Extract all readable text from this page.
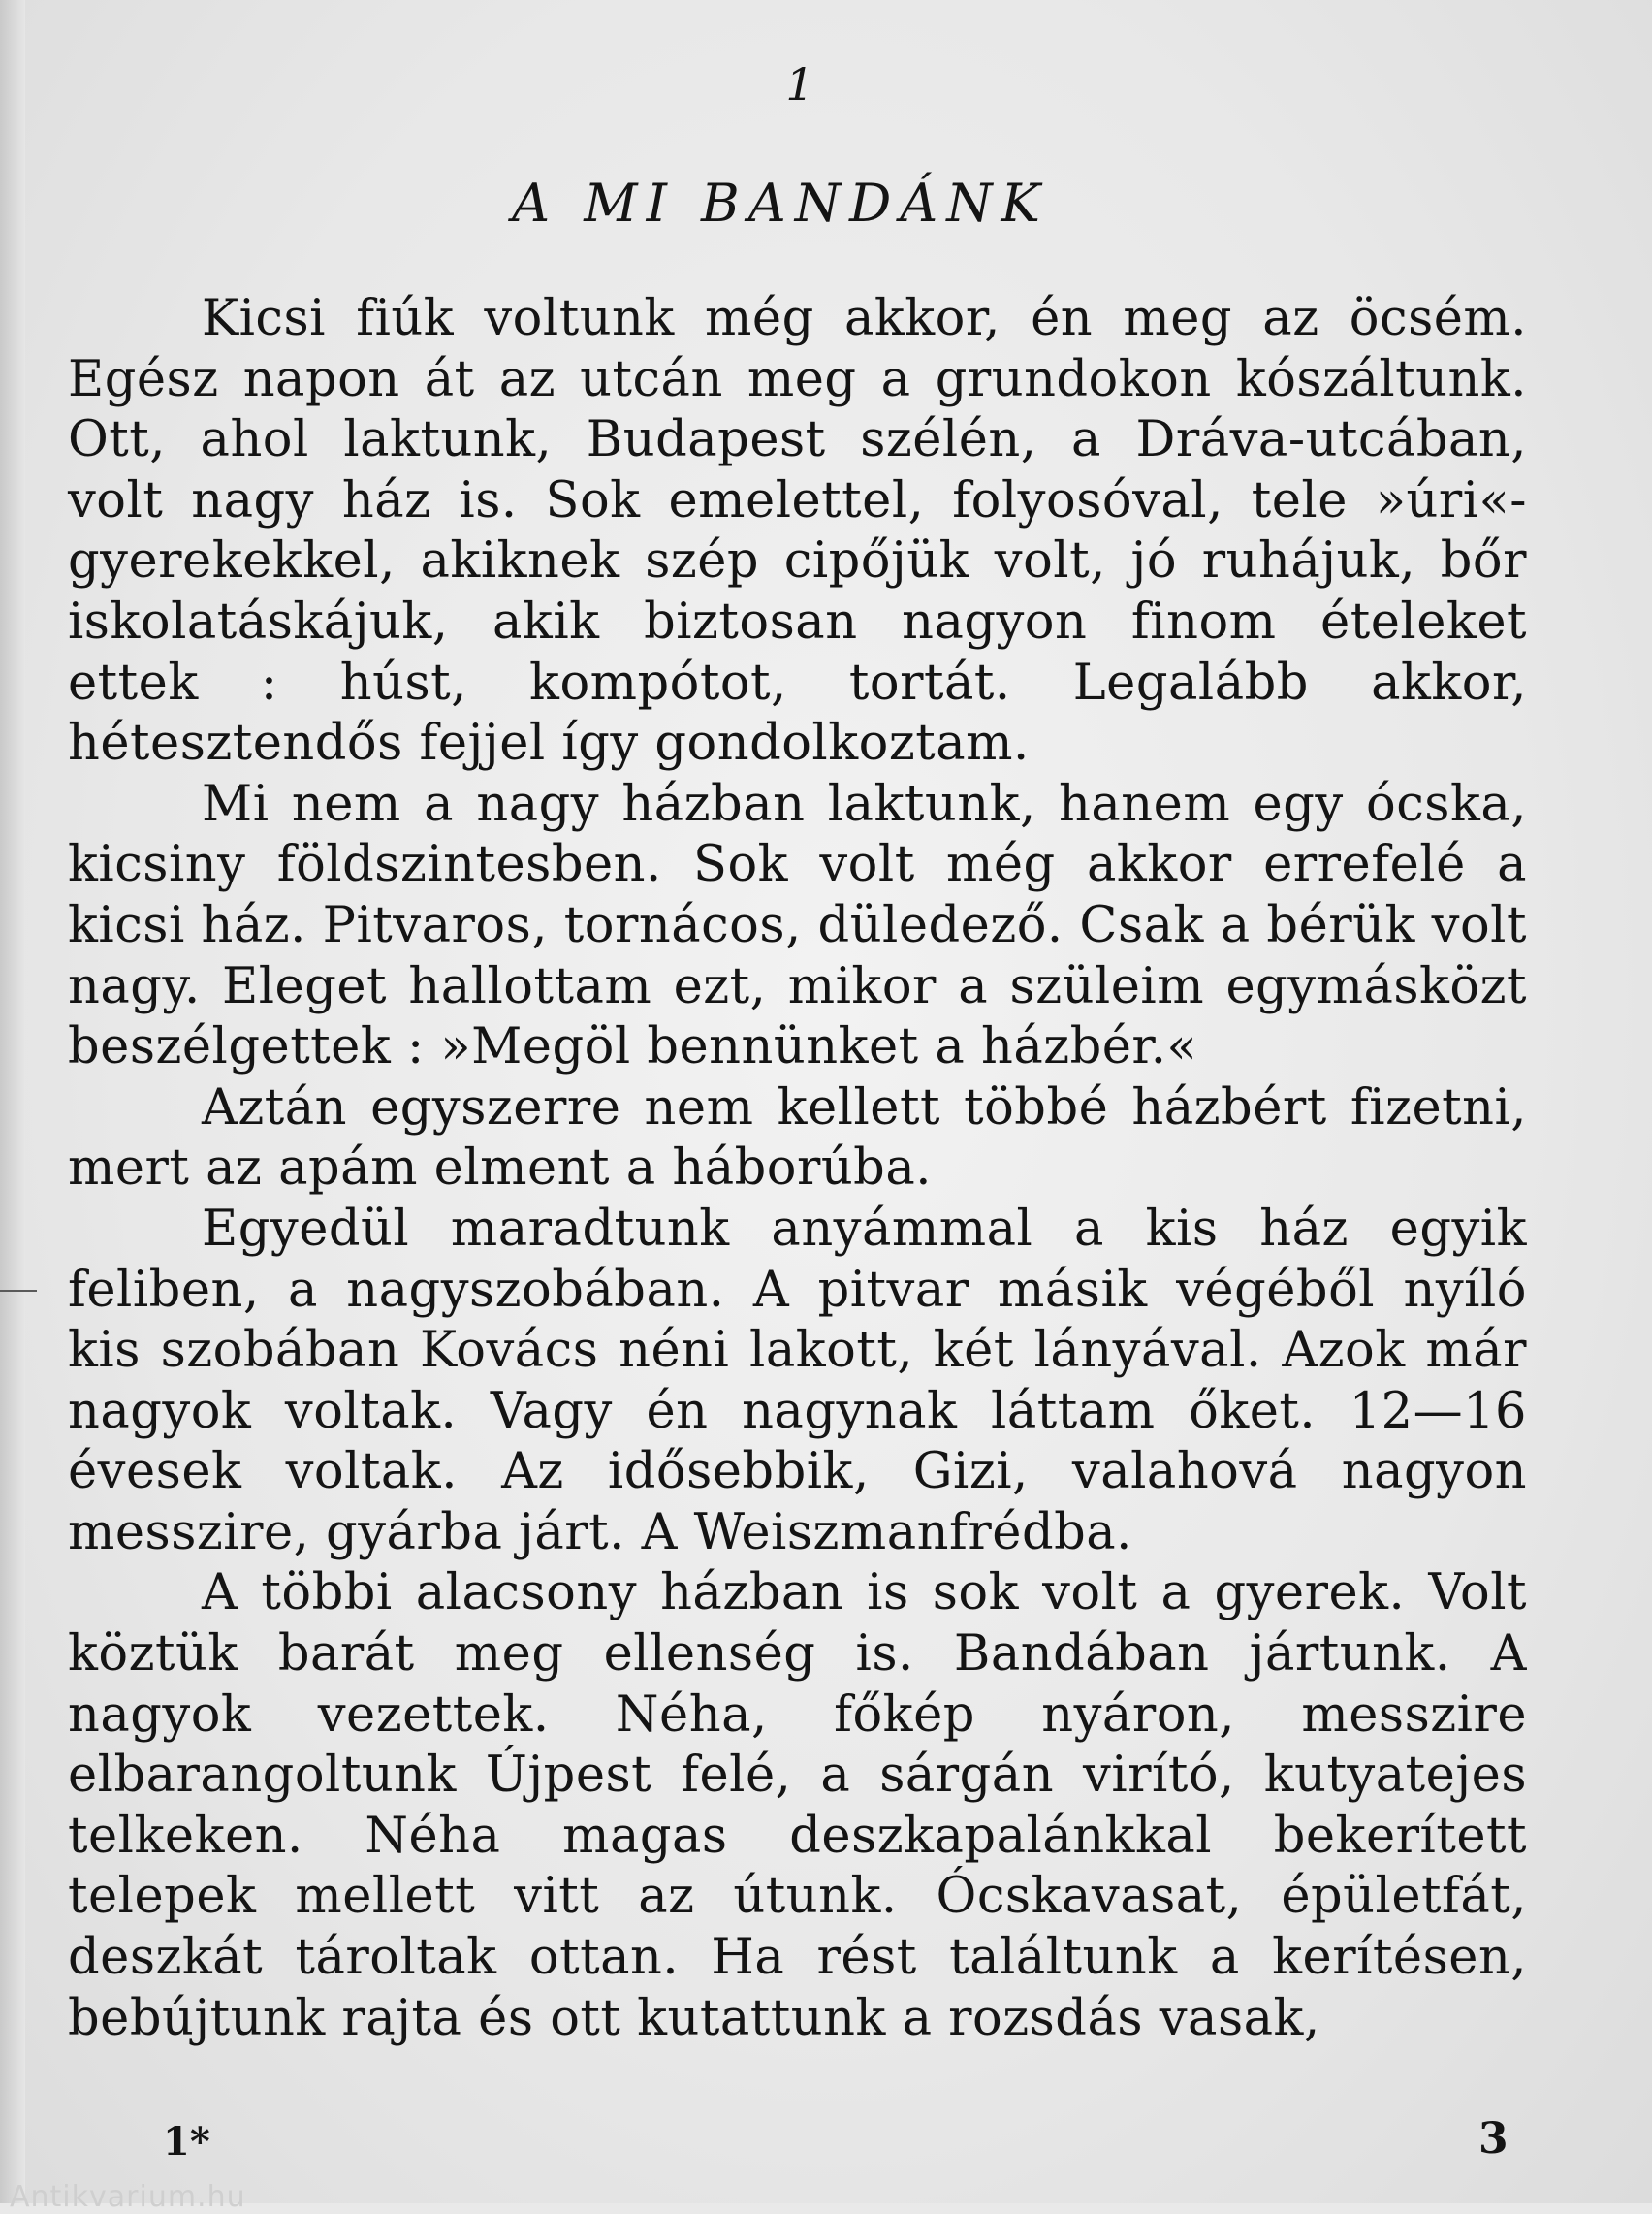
1
A MI BANDÁNK

Kicsi fiúk voltunk még akkor, én meg az öcsém. Egész napon át az utcán meg a grundokon kószáltunk. Ott, ahol laktunk, Budapest szélén, a Dráva-utcában, volt nagy ház is. Sok emelettel, folyosóval, tele »úri«-gyerekekkel, akiknek szép cipőjük volt, jó ruhájuk, bőr iskolatáskájuk, akik biztosan nagyon finom ételeket ettek : húst, kompótot, tortát. Legalább akkor, hétesztendős fejjel így gondolkoztam.

Mi nem a nagy házban laktunk, hanem egy ócska, kicsiny földszintesben. Sok volt még akkor errefelé a kicsi ház. Pitvaros, tornácos, düledező. Csak a bérük volt nagy. Eleget hallottam ezt, mikor a szüleim egymásközt beszélgettek : »Megöl bennünket a házbér.«

Aztán egyszerre nem kellett többé házbért fizetni, mert az apám elment a háborúba.

Egyedül maradtunk anyámmal a kis ház egyik feliben, a nagyszobában. A pitvar másik végéből nyíló kis szobában Kovács néni lakott, két lányával. Azok már nagyok voltak. Vagy én nagynak láttam őket. 12—16 évesek voltak. Az idősebbik, Gizi, valahová nagyon messzire, gyárba járt. A Weiszmanfrédba.

A többi alacsony házban is sok volt a gyerek. Volt köztük barát meg ellenség is. Bandában jártunk. A nagyok vezettek. Néha, főkép nyáron, messzire elbarangoltunk Újpest felé, a sárgán virító, kutyatejes telkeken. Néha magas deszkapalánkkal bekerített telepek mellett vitt az útunk. Ócskavasat, épületfát, deszkát tároltak ottan. Ha rést találtunk a kerítésen, bebújtunk rajta és ott kutattunk a rozsdás vasak,

1*	3
Antikvarium.hu
